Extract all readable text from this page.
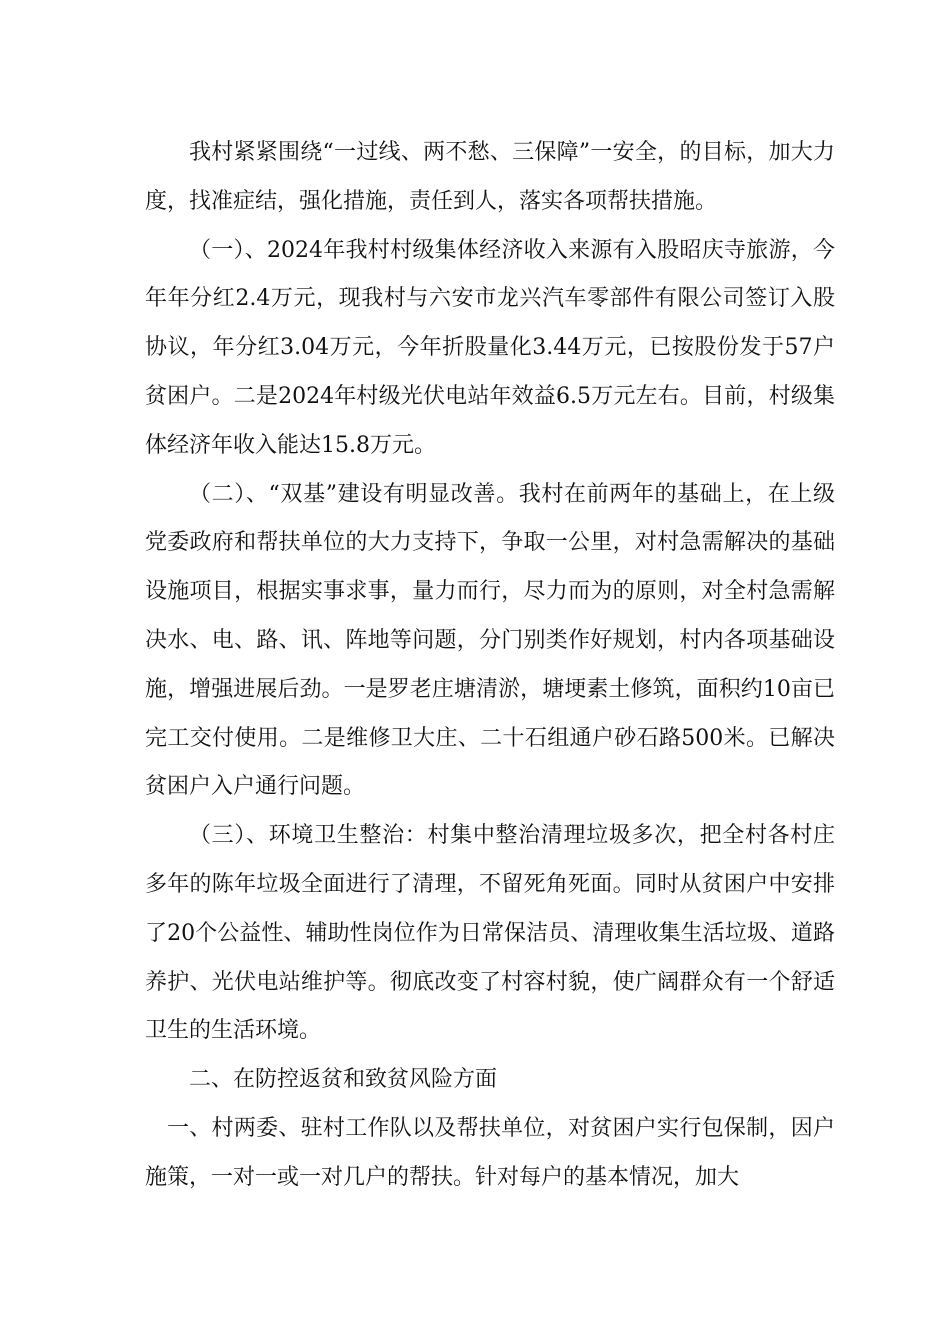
我村紧紧围绕“一过线、两不愁、三保障”一安全，的目标，加大力度，找准症结，强化措施，责任到人，落实各项帮扶措施。

（一）、2024年我村村级集体经济收入来源有入股昭庆寺旅游，今年年分红2.4万元，现我村与六安市龙兴汽车零部件有限公司签订入股协议，年分红3.04万元，今年折股量化3.44万元，已按股份发于57户贫困户。二是2024年村级光伏电站年效益6.5万元左右。目前，村级集体经济年收入能达15.8万元。

（二）、“双基”建设有明显改善。我村在前两年的基础上，在上级党委政府和帮扶单位的大力支持下，争取一公里，对村急需解决的基础设施项目，根据实事求事，量力而行，尽力而为的原则，对全村急需解决水、电、路、讯、阵地等问题，分门别类作好规划，村内各项基础设施，增强进展后劲。一是罗老庄塘清淤，塘埂素土修筑，面积约10亩已完工交付使用。二是维修卫大庄、二十石组通户砂石路500米。已解决贫困户入户通行问题。

（三）、环境卫生整治：村集中整治清理垃圾多次，把全村各村庄多年的陈年垃圾全面进行了清理，不留死角死面。同时从贫困户中安排了20个公益性、辅助性岗位作为日常保洁员、清理收集生活垃圾、道路养护、光伏电站维护等。彻底改变了村容村貌，使广阔群众有一个舒适卫生的生活环境。

二、在防控返贫和致贫风险方面

一、村两委、驻村工作队以及帮扶单位，对贫困户实行包保制，因户施策，一对一或一对几户的帮扶。针对每户的基本情况，加大
